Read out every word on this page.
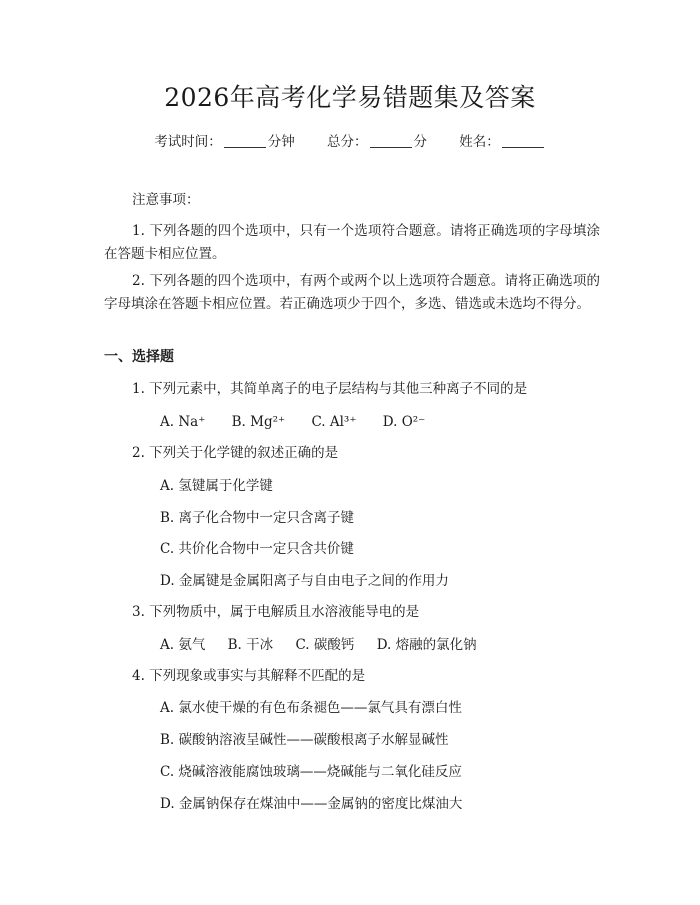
2026年高考化学易错题集及答案
考试时间：	分钟 总分：	分 姓名：
注意事项：
1. 下列各题的四个选项中，只有一个选项符合题意。请将正确选项的字母填涂在答题卡相应位置。
2. 下列各题的四个选项中，有两个或两个以上选项符合题意。请将正确选项的字母填涂在答题卡相应位置。若正确选项少于四个，多选、错选或未选均不得分。
一、选择题
1. 下列元素中，其简单离子的电子层结构与其他三种离子不同的是
A. Na⁺ B. Mg²⁺ C. Al³⁺ D. O²⁻
2. 下列关于化学键的叙述正确的是
A. 氢键属于化学键
B. 离子化合物中一定只含离子键
C. 共价化合物中一定只含共价键
D. 金属键是金属阳离子与自由电子之间的作用力
3. 下列物质中，属于电解质且水溶液能导电的是
A. 氨气 B. 干冰 C. 碳酸钙 D. 熔融的氯化钠
4. 下列现象或事实与其解释不匹配的是
A. 氯水使干燥的有色布条褪色——氯气具有漂白性
B. 碳酸钠溶液呈碱性——碳酸根离子水解显碱性
C. 烧碱溶液能腐蚀玻璃——烧碱能与二氧化硅反应
D. 金属钠保存在煤油中——金属钠的密度比煤油大
